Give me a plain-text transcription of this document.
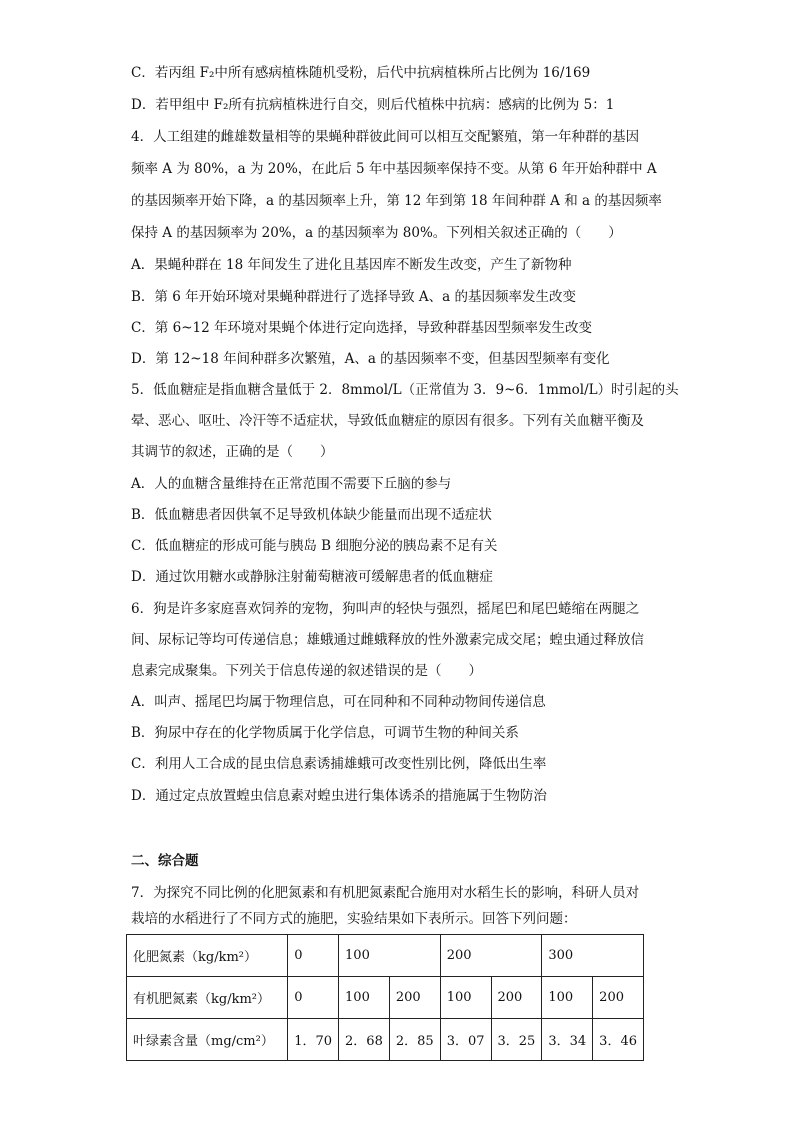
C．若丙组 F₂中所有感病植株随机受粉，后代中抗病植株所占比例为 16/169
D．若甲组中 F₂所有抗病植株进行自交，则后代植株中抗病：感病的比例为 5：1
4．人工组建的雌雄数量相等的果蝇种群彼此间可以相互交配繁殖，第一年种群的基因
频率 A 为 80%，a 为 20%，在此后 5 年中基因频率保持不变。从第 6 年开始种群中 A
的基因频率开始下降，a 的基因频率上升，第 12 年到第 18 年间种群 A 和 a 的基因频率
保持 A 的基因频率为 20%，a 的基因频率为 80%。下列相关叙述正确的（　　）
A．果蝇种群在 18 年间发生了进化且基因库不断发生改变，产生了新物种
B．第 6 年开始环境对果蝇种群进行了选择导致 A、a 的基因频率发生改变
C．第 6~12 年环境对果蝇个体进行定向选择，导致种群基因型频率发生改变
D．第 12~18 年间种群多次繁殖，A、a 的基因频率不变，但基因型频率有变化
5．低血糖症是指血糖含量低于 2．8mmol/L（正常值为 3．9~6．1mmol/L）时引起的头
晕、恶心、呕吐、冷汗等不适症状，导致低血糖症的原因有很多。下列有关血糖平衡及
其调节的叙述，正确的是（　　）
A．人的血糖含量维持在正常范围不需要下丘脑的参与
B．低血糖患者因供氧不足导致机体缺少能量而出现不适症状
C．低血糖症的形成可能与胰岛 B 细胞分泌的胰岛素不足有关
D．通过饮用糖水或静脉注射葡萄糖液可缓解患者的低血糖症
6．狗是许多家庭喜欢饲养的宠物，狗叫声的轻快与强烈，摇尾巴和尾巴蜷缩在两腿之
间、尿标记等均可传递信息；雄蛾通过雌蛾释放的性外激素完成交尾；蝗虫通过释放信
息素完成聚集。下列关于信息传递的叙述错误的是（　　）
A．叫声、摇尾巴均属于物理信息，可在同种和不同种动物间传递信息
B．狗尿中存在的化学物质属于化学信息，可调节生物的种间关系
C．利用人工合成的昆虫信息素诱捕雄蛾可改变性别比例，降低出生率
D．通过定点放置蝗虫信息素对蝗虫进行集体诱杀的措施属于生物防治
二、综合题
7．为探究不同比例的化肥氮素和有机肥氮素配合施用对水稻生长的影响，科研人员对
栽培的水稻进行了不同方式的施肥，实验结果如下表所示。回答下列问题：
化肥氮素（kg/km²）	0	100		200		300	
有机肥氮素（kg/km²）	0	100	200	100	200	100	200
叶绿素含量（mg/cm²）	1．70	2．68	2．85	3．07	3．25	3．34	3．46
